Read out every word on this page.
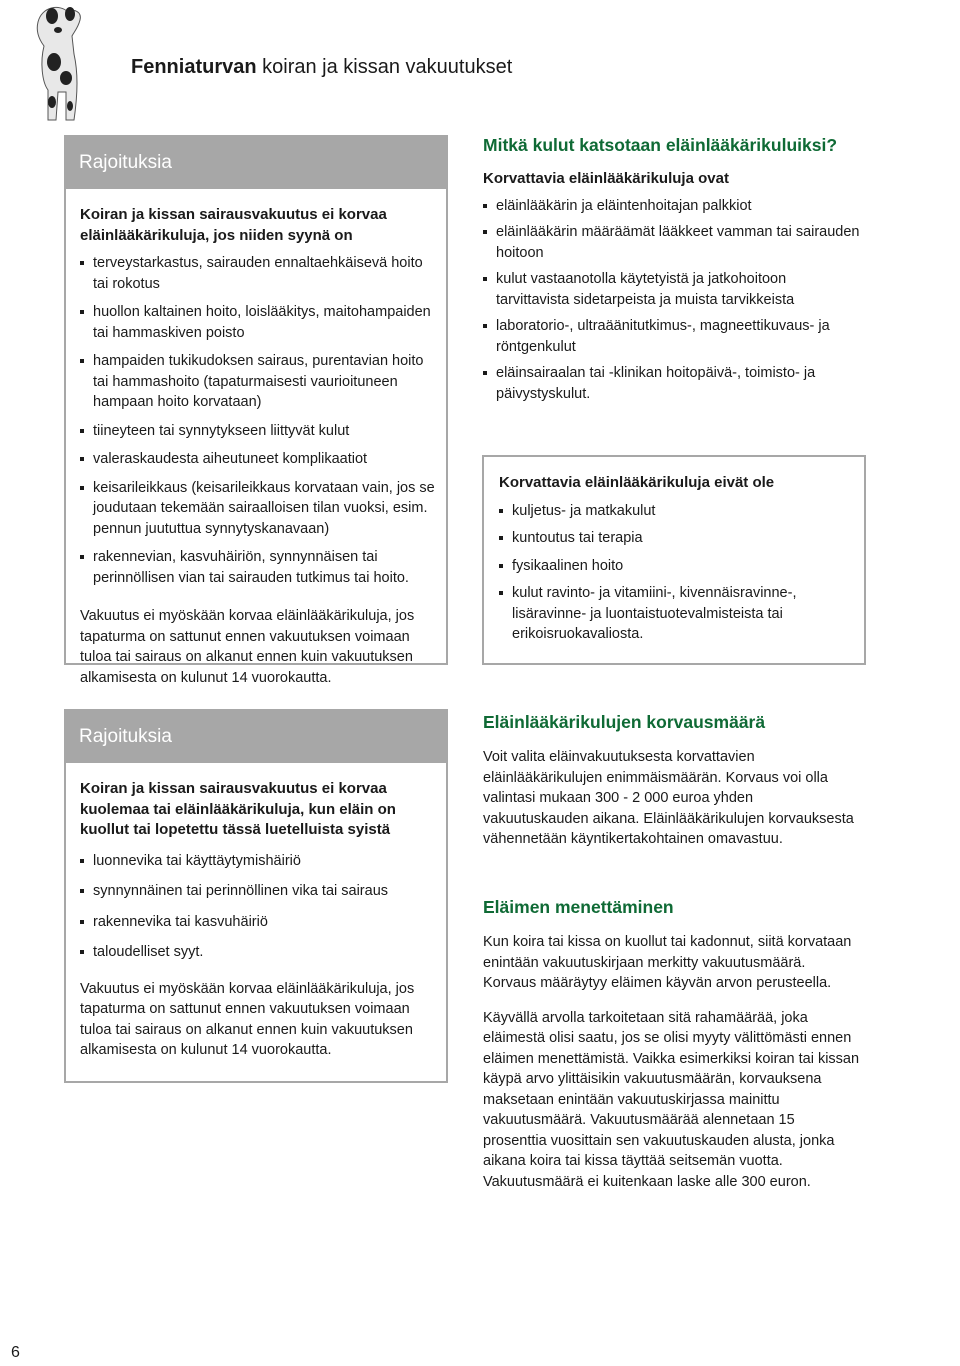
Fenniaturvan koiran ja kissan vakuutukset
Rajoituksia

Koiran ja kissan sairausvakuutus ei korvaa eläinlääkärikuluja, jos niiden syynä on

terveystarkastus, sairauden ennaltaehkäisevä hoito tai rokotus
huollon kaltainen hoito, loislääkitys, maitohampaiden tai hammaskiven poisto
hampaiden tukikudoksen sairaus, purentavian hoito tai hammashoito (tapaturmaisesti vaurioituneen hampaan hoito korvataan)
tiineyteen tai synnytykseen liittyvät kulut
valeraskaudesta aiheutuneet komplikaatiot
keisarileikkaus (keisarileikkaus korvataan vain, jos se joudutaan tekemään sairaalloisen tilan vuoksi, esim. pennun juututtua synnytyskanavaan)
rakennevian, kasvuhäiriön, synnynnäisen tai perinnöllisen vian tai sairauden tutkimus tai hoito.

Vakuutus ei myöskään korvaa eläinlääkärikuluja, jos tapaturma on sattunut ennen vakuutuksen voimaan tuloa tai sairaus on alkanut ennen kuin vakuutuksen alkamisesta on kulunut 14 vuorokautta.

Mitkä kulut katsotaan eläinlääkärikuluiksi?

Korvattavia eläinlääkärikuluja ovat

eläinlääkärin ja eläintenhoitajan palkkiot
eläinlääkärin määräämät lääkkeet vamman tai sairauden hoitoon
kulut vastaanotolla käytetyistä ja jatkohoitoon tarvittavista sidetarpeista ja muista tarvikkeista
laboratorio-, ultraäänitutkimus-, magneettikuvaus- ja röntgenkulut
eläinsairaalan tai -klinikan hoitopäivä-, toimisto- ja päivystyskulut.

Korvattavia eläinlääkärikuluja eivät ole

kuljetus- ja matkakulut
kuntoutus tai terapia
fysikaalinen hoito
kulut ravinto- ja vitamiini-, kivennäisravinne-, lisäravinne- ja luontaistuotevalmisteista tai erikoisruokavaliosta.
Rajoituksia

Koiran ja kissan sairausvakuutus ei korvaa kuolemaa tai eläinlääkärikuluja, kun eläin on kuollut tai lopetettu tässä luetelluista syistä

luonnevika tai käyttäytymishäiriö
synnynnäinen tai perinnöllinen vika tai sairaus
rakennevika tai kasvuhäiriö
taloudelliset syyt.

Vakuutus ei myöskään korvaa eläinlääkärikuluja, jos tapaturma on sattunut ennen vakuutuksen voimaan tuloa tai sairaus on alkanut ennen kuin vakuutuksen alkamisesta on kulunut 14 vuorokautta.

Eläinlääkärikulujen korvausmäärä

Voit valita eläinvakuutuksesta korvattavien eläinlääkärikulujen enimmäismäärän. Korvaus voi olla valintasi mukaan 300 - 2 000 euroa yhden vakuutuskauden aikana. Eläinlääkärikulujen korvauksesta vähennetään käyntikertakohtainen omavastuu.

Eläimen menettäminen

Kun koira tai kissa on kuollut tai kadonnut, siitä korvataan enintään vakuutuskirjaan merkitty vakuutusmäärä. Korvaus määräytyy eläimen käyvän arvon perusteella.

Käyvällä arvolla tarkoitetaan sitä rahamäärää, joka eläimestä olisi saatu, jos se olisi myyty välittömästi ennen eläimen menettämistä. Vaikka esimerkiksi koiran tai kissan käypä arvo ylittäisikin vakuutusmäärän, korvauksena maksetaan enintään vakuutuskirjassa mainittu vakuutusmäärä. Vakuutusmäärää alennetaan 15 prosenttia vuosittain sen vakuutuskauden alusta, jonka aikana koira tai kissa täyttää seitsemän vuotta. Vakuutusmäärä ei kuitenkaan laske alle 300 euron.

6
